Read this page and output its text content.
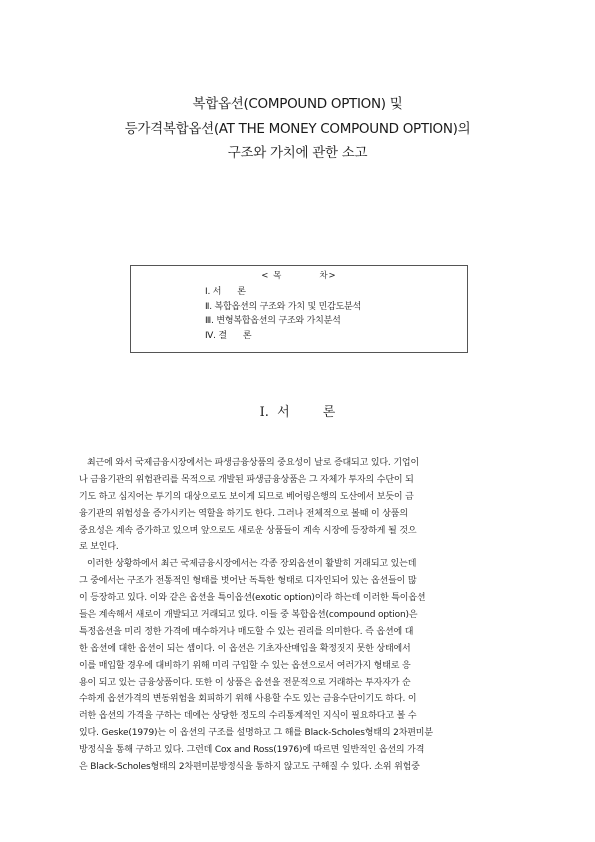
복합옵션(COMPOUND OPTION) 및
등가격복합옵션(AT THE MONEY COMPOUND OPTION)의
구조와 가치에 관한 소고
< 목          차>
Ⅰ. 서      론
Ⅱ. 복합옵션의 구조와 가치 및 민감도분석
Ⅲ. 변형복합옵션의 구조와 가치분석
Ⅳ. 결      론
Ⅰ.  서        론
최근에 와서 국제금융시장에서는 파생금융상품의 중요성이 날로 증대되고 있다. 기업이
나 금융기관의 위험관리를 목적으로 개발된 파생금융상품은 그 자체가 투자의 수단이 되
기도 하고 심지어는 투기의 대상으로도 보이게 되므로 베어링은행의 도산에서 보듯이 금
융기관의 위험성을 증가시키는 역할을 하기도 한다. 그러나 전체적으로 볼때 이 상품의
중요성은 계속 증가하고 있으며 앞으로도 새로운 상품들이 계속 시장에 등장하게 될 것으
로 보인다.
이러한 상황하에서 최근 국제금융시장에서는 각종 장외옵션이 활발히 거래되고 있는데
그 중에서는 구조가 전통적인 형태를 벗어난 독특한 형태로 디자인되어 있는 옵션들이 많
이 등장하고 있다. 이와 같은 옵션을 특이옵션(exotic option)이라 하는데 이러한 특이옵션
들은 계속해서 새로이 개발되고 거래되고 있다. 이들 중 복합옵션(compound option)은
특정옵션을 미리 정한 가격에 매수하거나 매도할 수 있는 권리를 의미한다. 즉 옵션에 대
한 옵션에 대한 옵션이 되는 셈이다. 이 옵션은 기초자산매입을 확정짓지 못한 상태에서
이를 매입할 경우에 대비하기 위해 미리 구입할 수 있는 옵션으로서 여러가지 형태로 응
용이 되고 있는 금융상품이다. 또한 이 상품은 옵션을 전문적으로 거래하는 투자자가 순
수하게 옵션가격의 변동위험을 회피하기 위해 사용할 수도 있는 금융수단이기도 하다. 이
러한 옵션의 가격을 구하는 데에는 상당한 정도의 수리통계적인 지식이 필요하다고 볼 수
있다. Geske(1979)는 이 옵션의 구조를 설명하고 그 해를 Black-Scholes형태의 2차편미분
방정식을 통해 구하고 있다. 그런데 Cox and Ross(1976)에 따르면 일반적인 옵션의 가격
은 Black-Scholes형태의 2차편미분방정식을 통하지 않고도 구해질 수 있다. 소위 위험중
